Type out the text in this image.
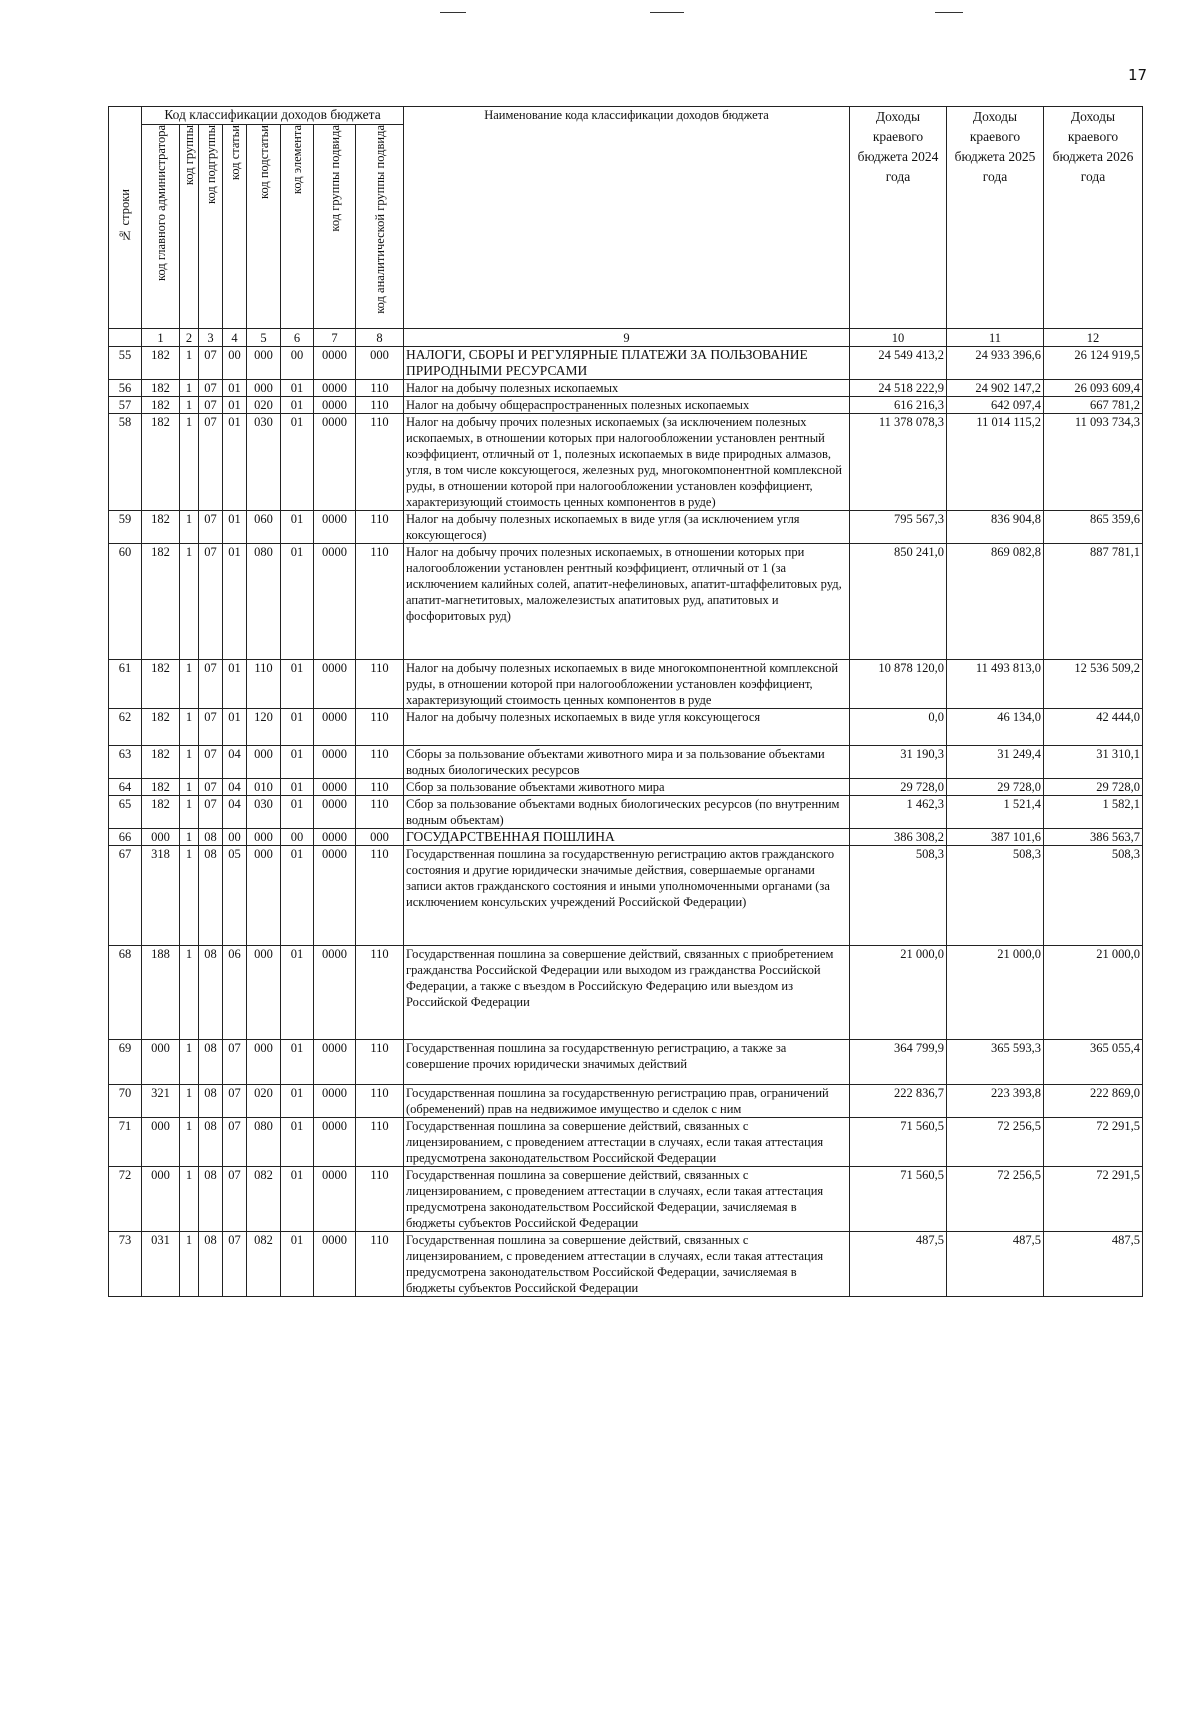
17
№ строки	Код классификации доходов бюджета								Наименование кода классификации доходов бюджета	Доходы краевого бюджета 2024 года	Доходы краевого бюджета 2025 года	Доходы краевого бюджета 2026 года
	код главного администратора	код группы	код подгруппы	код статьи	код подстатьи	код элемента	код группы подвида	код аналитической группы подвида				
	1	2	3	4	5	6	7	8	9	10	11	12
55	182	1	07	00	000	00	0000	000	НАЛОГИ, СБОРЫ И РЕГУЛЯРНЫЕ ПЛАТЕЖИ ЗА ПОЛЬЗОВАНИЕ ПРИРОДНЫМИ РЕСУРСАМИ	24 549 413,2	24 933 396,6	26 124 919,5
56	182	1	07	01	000	01	0000	110	Налог на добычу полезных ископаемых	24 518 222,9	24 902 147,2	26 093 609,4
57	182	1	07	01	020	01	0000	110	Налог на добычу общераспространенных полезных ископаемых	616 216,3	642 097,4	667 781,2
58	182	1	07	01	030	01	0000	110	Налог на добычу прочих полезных ископаемых (за исключением полезных ископаемых, в отношении которых при налогообложении установлен рентный коэффициент, отличный от 1, полезных ископаемых в виде природных алмазов, угля, в том числе коксующегося, железных руд, многокомпонентной комплексной руды, в отношении которой при налогообложении установлен коэффициент, характеризующий стоимость ценных компонентов в руде)	11 378 078,3	11 014 115,2	11 093 734,3
59	182	1	07	01	060	01	0000	110	Налог на добычу полезных ископаемых в виде угля (за исключением угля коксующегося)	795 567,3	836 904,8	865 359,6
60	182	1	07	01	080	01	0000	110	Налог на добычу прочих полезных ископаемых, в отношении которых при налогообложении установлен рентный коэффициент, отличный от 1 (за исключением калийных солей, апатит-нефелиновых, апатит-штаффелитовых руд, апатит-магнетитовых, маложелезистых апатитовых руд, апатитовых и фосфоритовых руд)	850 241,0	869 082,8	887 781,1
61	182	1	07	01	110	01	0000	110	Налог на добычу полезных ископаемых в виде многокомпонентной комплексной руды, в отношении которой при налогообложении установлен коэффициент, характеризующий стоимость ценных компонентов в руде	10 878 120,0	11 493 813,0	12 536 509,2
62	182	1	07	01	120	01	0000	110	Налог на добычу полезных ископаемых в виде угля коксующегося	0,0	46 134,0	42 444,0
63	182	1	07	04	000	01	0000	110	Сборы за пользование объектами животного мира и за пользование объектами водных биологических ресурсов	31 190,3	31 249,4	31 310,1
64	182	1	07	04	010	01	0000	110	Сбор за пользование объектами животного мира	29 728,0	29 728,0	29 728,0
65	182	1	07	04	030	01	0000	110	Сбор за пользование объектами водных биологических ресурсов (по внутренним водным объектам)	1 462,3	1 521,4	1 582,1
66	000	1	08	00	000	00	0000	000	ГОСУДАРСТВЕННАЯ ПОШЛИНА	386 308,2	387 101,6	386 563,7
67	318	1	08	05	000	01	0000	110	Государственная пошлина за государственную регистрацию актов гражданского состояния и другие юридически значимые действия, совершаемые органами записи актов гражданского состояния и иными уполномоченными органами (за исключением консульских учреждений Российской Федерации)	508,3	508,3	508,3
68	188	1	08	06	000	01	0000	110	Государственная пошлина за совершение действий, связанных с приобретением гражданства Российской Федерации или выходом из гражданства Российской Федерации, а также с въездом в Российскую Федерацию или выездом из Российской Федерации	21 000,0	21 000,0	21 000,0
69	000	1	08	07	000	01	0000	110	Государственная пошлина за государственную регистрацию, а также за совершение прочих юридически значимых действий	364 799,9	365 593,3	365 055,4
70	321	1	08	07	020	01	0000	110	Государственная пошлина за государственную регистрацию прав, ограничений (обременений) прав на недвижимое имущество и сделок с ним	222 836,7	223 393,8	222 869,0
71	000	1	08	07	080	01	0000	110	Государственная пошлина за совершение действий, связанных с лицензированием, с проведением аттестации в случаях, если такая аттестация предусмотрена законодательством Российской Федерации	71 560,5	72 256,5	72 291,5
72	000	1	08	07	082	01	0000	110	Государственная пошлина за совершение действий, связанных с лицензированием, с проведением аттестации в случаях, если такая аттестация предусмотрена законодательством Российской Федерации, зачисляемая в бюджеты субъектов Российской Федерации	71 560,5	72 256,5	72 291,5
73	031	1	08	07	082	01	0000	110	Государственная пошлина за совершение действий, связанных с лицензированием, с проведением аттестации в случаях, если такая аттестация предусмотрена законодательством Российской Федерации, зачисляемая в бюджеты субъектов Российской Федерации	487,5	487,5	487,5
